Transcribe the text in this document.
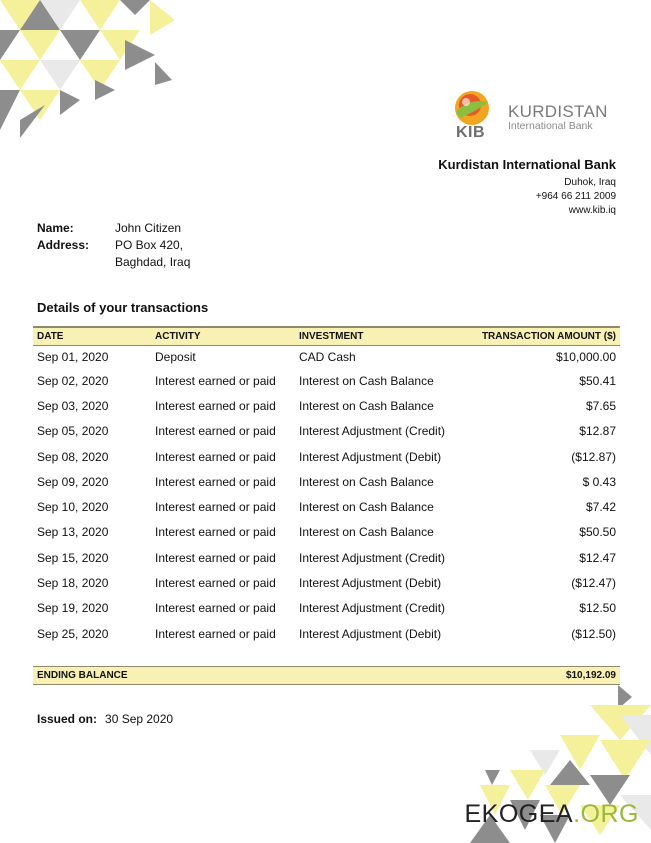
KIB
KURDISTAN
International Bank
Kurdistan International Bank
Duhok, Iraq
+964 66 211 2009
www.kib.iq
Name:	John Citizen
Address:	PO Box 420,
Baghdad, Iraq
Details of your transactions
DATE	ACTIVITY	INVESTMENT	TRANSACTION AMOUNT ($)
Sep 01, 2020	Deposit	CAD Cash	$10,000.00
Sep 02, 2020	Interest earned or paid	Interest on Cash Balance	$50.41
Sep 03, 2020	Interest earned or paid	Interest on Cash Balance	$7.65
Sep 05, 2020	Interest earned or paid	Interest Adjustment (Credit)	$12.87
Sep 08, 2020	Interest earned or paid	Interest Adjustment (Debit)	($12.87)
Sep 09, 2020	Interest earned or paid	Interest on Cash Balance	$ 0.43
Sep 10, 2020	Interest earned or paid	Interest on Cash Balance	$7.42
Sep 13, 2020	Interest earned or paid	Interest on Cash Balance	$50.50
Sep 15, 2020	Interest earned or paid	Interest Adjustment (Credit)	$12.47
Sep 18, 2020	Interest earned or paid	Interest Adjustment (Debit)	($12.47)
Sep 19, 2020	Interest earned or paid	Interest Adjustment (Credit)	$12.50
Sep 25, 2020	Interest earned or paid	Interest Adjustment (Debit)	($12.50)
ENDING BALANCE	$10,192.09
Issued on: 30 Sep 2020
EKOGEA.ORG
